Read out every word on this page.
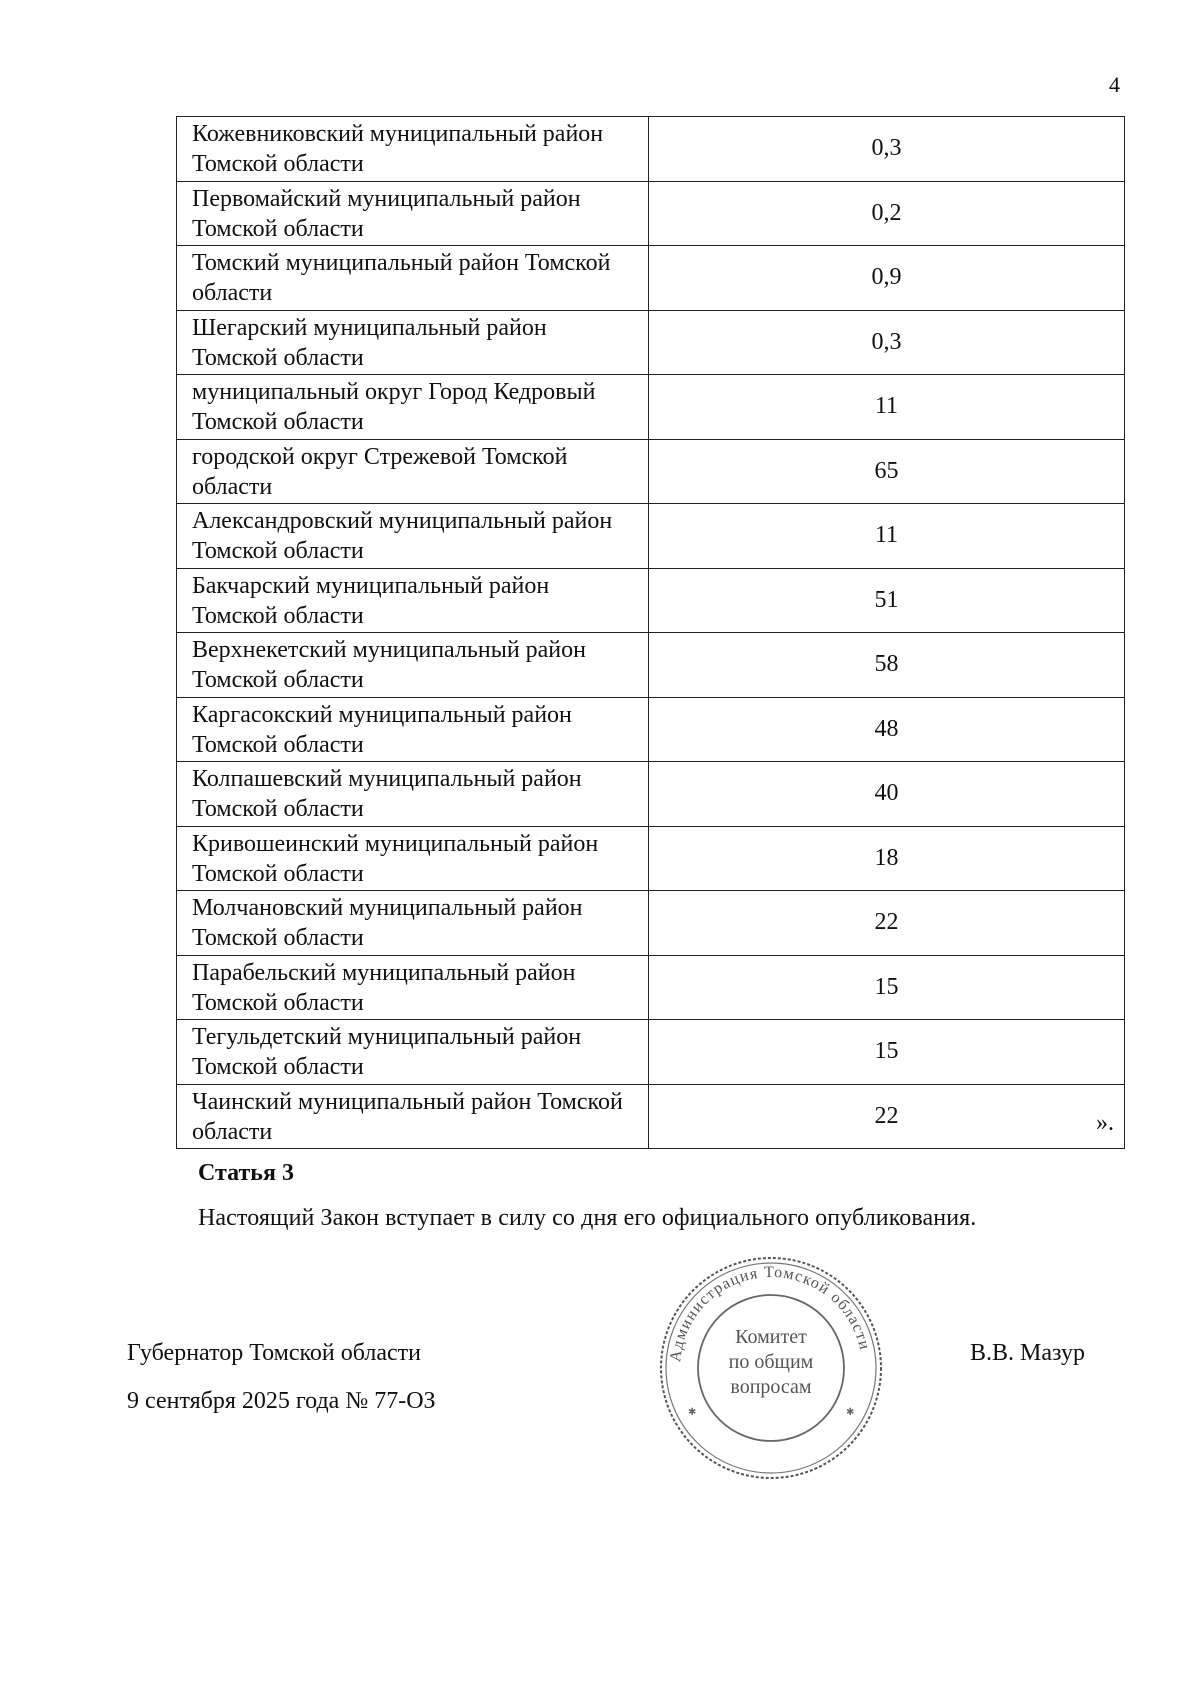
4
Кожевниковский муниципальный район Томской области	0,3
Первомайский муниципальный район Томской области	0,2
Томский муниципальный район Томской области	0,9
Шегарский муниципальный район Томской области	0,3
муниципальный округ Город Кедровый Томской области	11
городской округ Стрежевой Томской области	65
Александровский муниципальный район Томской области	11
Бакчарский муниципальный район Томской области	51
Верхнекетский муниципальный район Томской области	58
Каргасокский муниципальный район Томской области	48
Колпашевский муниципальный район Томской области	40
Кривошеинский муниципальный район Томской области	18
Молчановский муниципальный район Томской области	22
Парабельский муниципальный район Томской области	15
Тегульдетский муниципальный район Томской области	15
Чаинский муниципальный район Томской области	22	».
Статья 3
Настоящий Закон вступает в силу со дня его официального опубликования.
Губернатор Томской области
9 сентября 2025 года № 77-ОЗ
В.В. Мазур
Администрация Томской области
Комитет по общим вопросам
✱	✱
